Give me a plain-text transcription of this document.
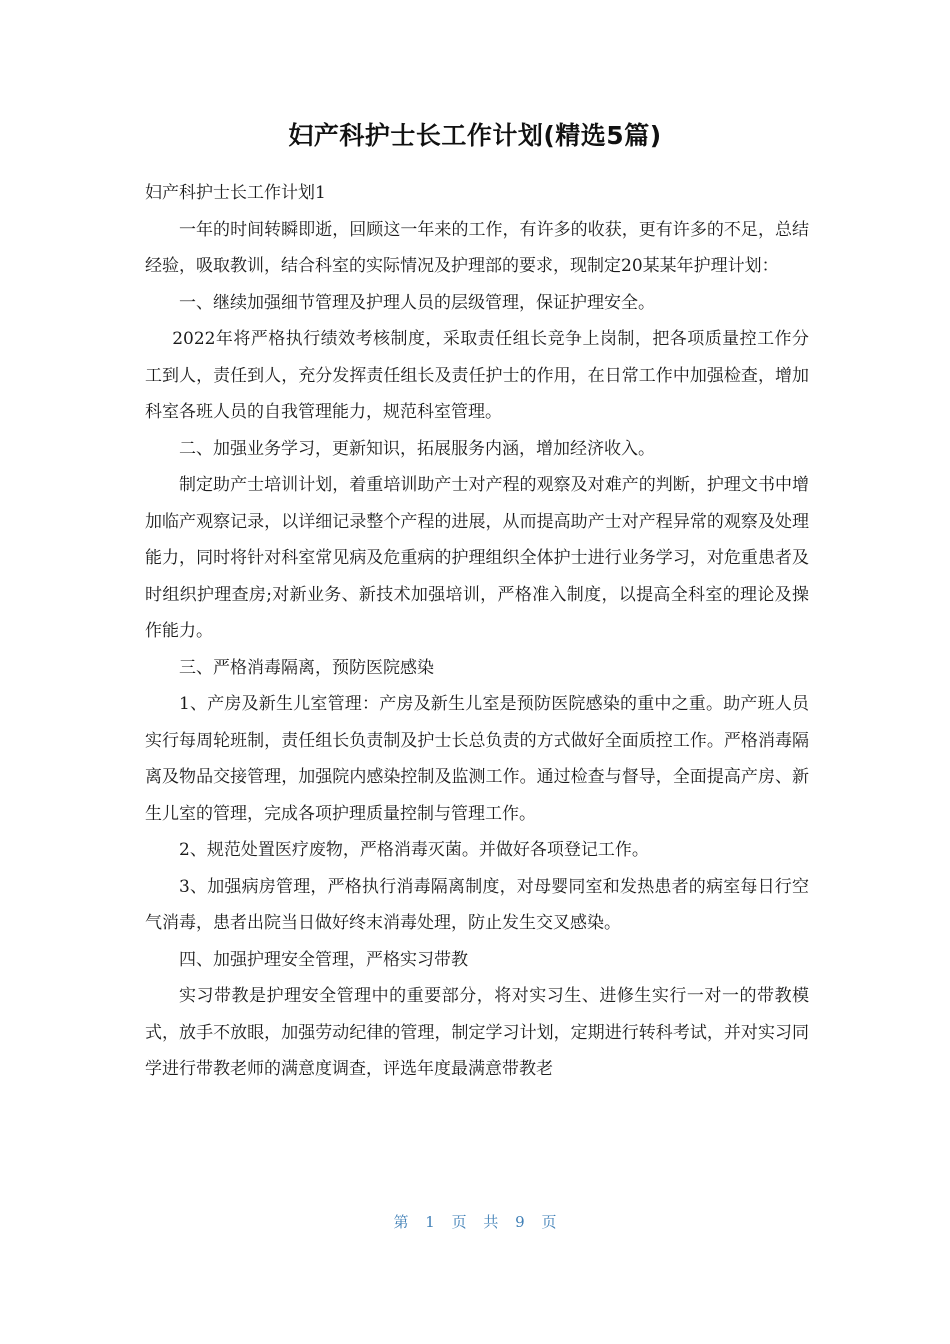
妇产科护士长工作计划(精选5篇)

妇产科护士长工作计划1

一年的时间转瞬即逝，回顾这一年来的工作，有许多的收获，更有许多的不足，总结经验，吸取教训，结合科室的实际情况及护理部的要求，现制定20某某年护理计划：

一、继续加强细节管理及护理人员的层级管理，保证护理安全。

2022年将严格执行绩效考核制度，采取责任组长竞争上岗制，把各项质量控工作分工到人，责任到人，充分发挥责任组长及责任护士的作用，在日常工作中加强检查，增加科室各班人员的自我管理能力，规范科室管理。

二、加强业务学习，更新知识，拓展服务内涵，增加经济收入。

制定助产士培训计划，着重培训助产士对产程的观察及对难产的判断，护理文书中增加临产观察记录，以详细记录整个产程的进展，从而提高助产士对产程异常的观察及处理能力，同时将针对科室常见病及危重病的护理组织全体护士进行业务学习，对危重患者及时组织护理查房;对新业务、新技术加强培训，严格准入制度，以提高全科室的理论及操作能力。

三、严格消毒隔离，预防医院感染

1、产房及新生儿室管理：产房及新生儿室是预防医院感染的重中之重。助产班人员实行每周轮班制，责任组长负责制及护士长总负责的方式做好全面质控工作。严格消毒隔离及物品交接管理，加强院内感染控制及监测工作。通过检查与督导，全面提高产房、新生儿室的管理，完成各项护理质量控制与管理工作。

2、规范处置医疗废物，严格消毒灭菌。并做好各项登记工作。

3、加强病房管理，严格执行消毒隔离制度，对母婴同室和发热患者的病室每日行空气消毒，患者出院当日做好终末消毒处理，防止发生交叉感染。

四、加强护理安全管理，严格实习带教

实习带教是护理安全管理中的重要部分，将对实习生、进修生实行一对一的带教模式，放手不放眼，加强劳动纪律的管理，制定学习计划，定期进行转科考试，并对实习同学进行带教老师的满意度调查，评选年度最满意带教老

第 1 页 共 9 页
